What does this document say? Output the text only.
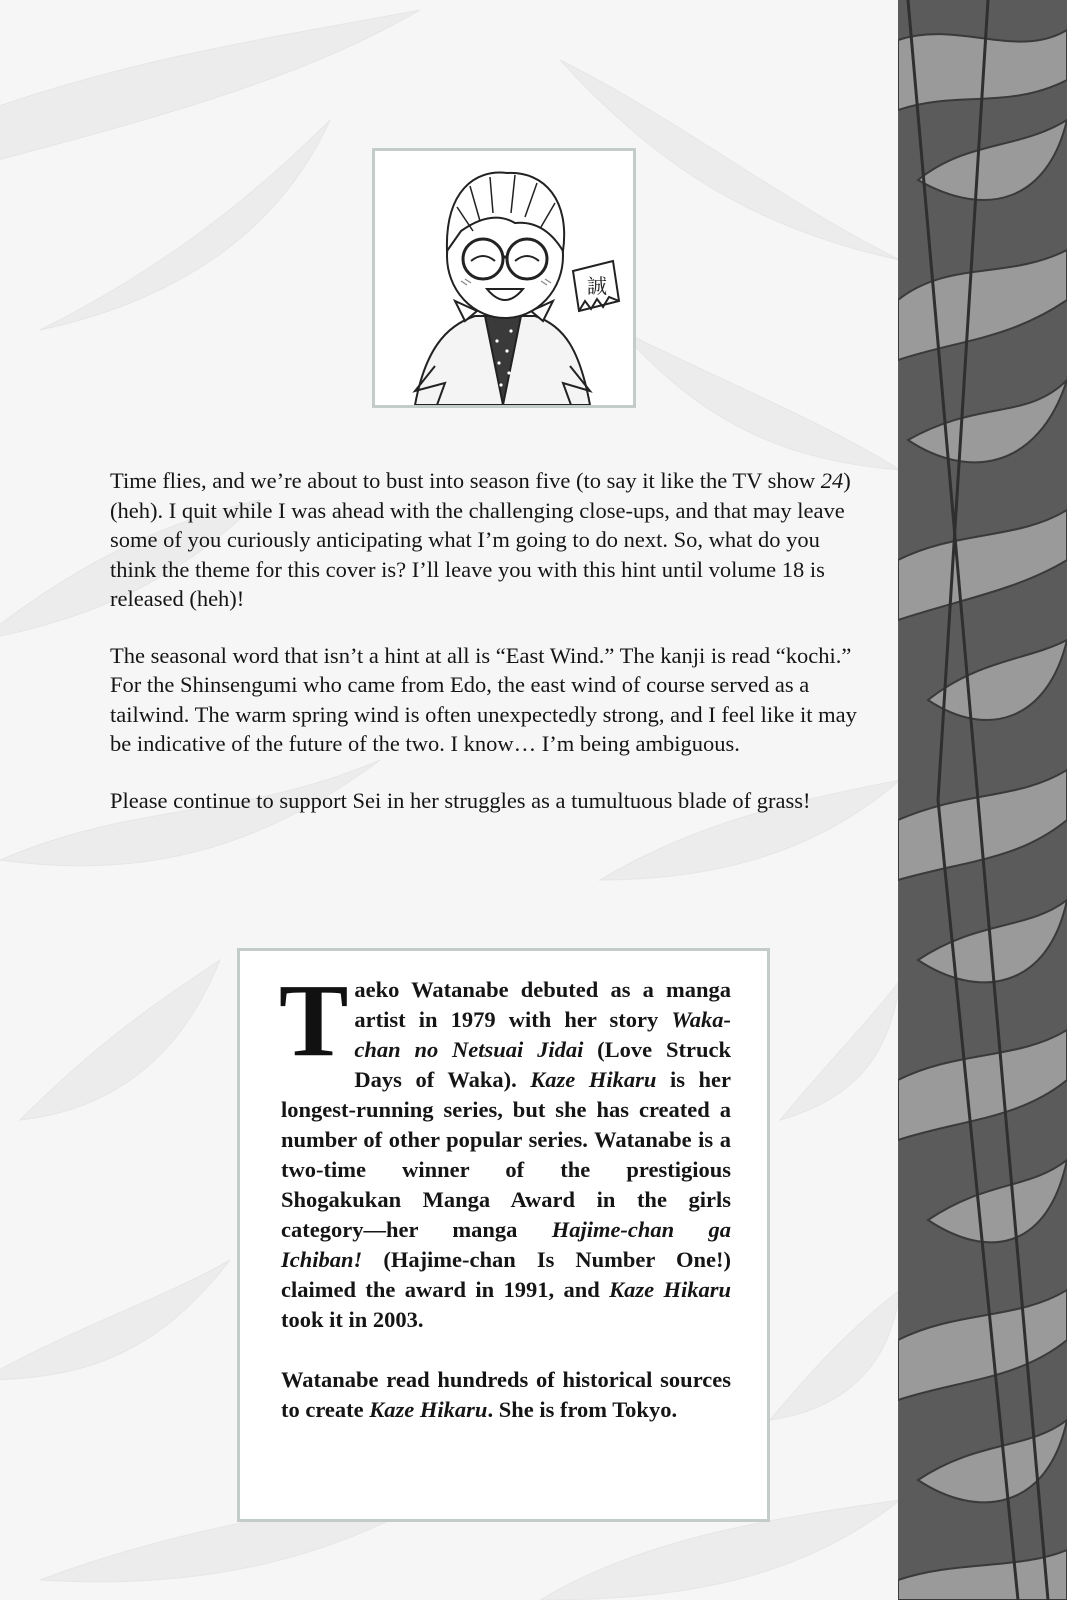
誠

Time flies, and we’re about to bust into season five (to say it like the TV show 24) (heh). I quit while I was ahead with the challenging close-ups, and that may leave some of you curiously anticipating what I’m going to do next. So, what do you think the theme for this cover is? I’ll leave you with this hint until volume 18 is released (heh)!

The seasonal word that isn’t a hint at all is “East Wind.” The kanji is read “kochi.” For the Shinsengumi who came from Edo, the east wind of course served as a tailwind. The warm spring wind is often unexpectedly strong, and I feel like it may be indicative of the future of the two. I know… I’m being ambiguous.

Please continue to support Sei in her struggles as a tumultuous blade of grass!

Taeko Watanabe debuted as a manga artist in 1979 with her story Waka-chan no Netsuai Jidai (Love Struck Days of Waka). Kaze Hikaru is her longest-running series, but she has created a number of other popular series. Watanabe is a two-time winner of the prestigious Shogakukan Manga Award in the girls category—her manga Hajime-chan ga Ichiban! (Hajime-chan Is Number One!) claimed the award in 1991, and Kaze Hikaru took it in 2003.

Watanabe read hundreds of historical sources to create Kaze Hikaru. She is from Tokyo.
